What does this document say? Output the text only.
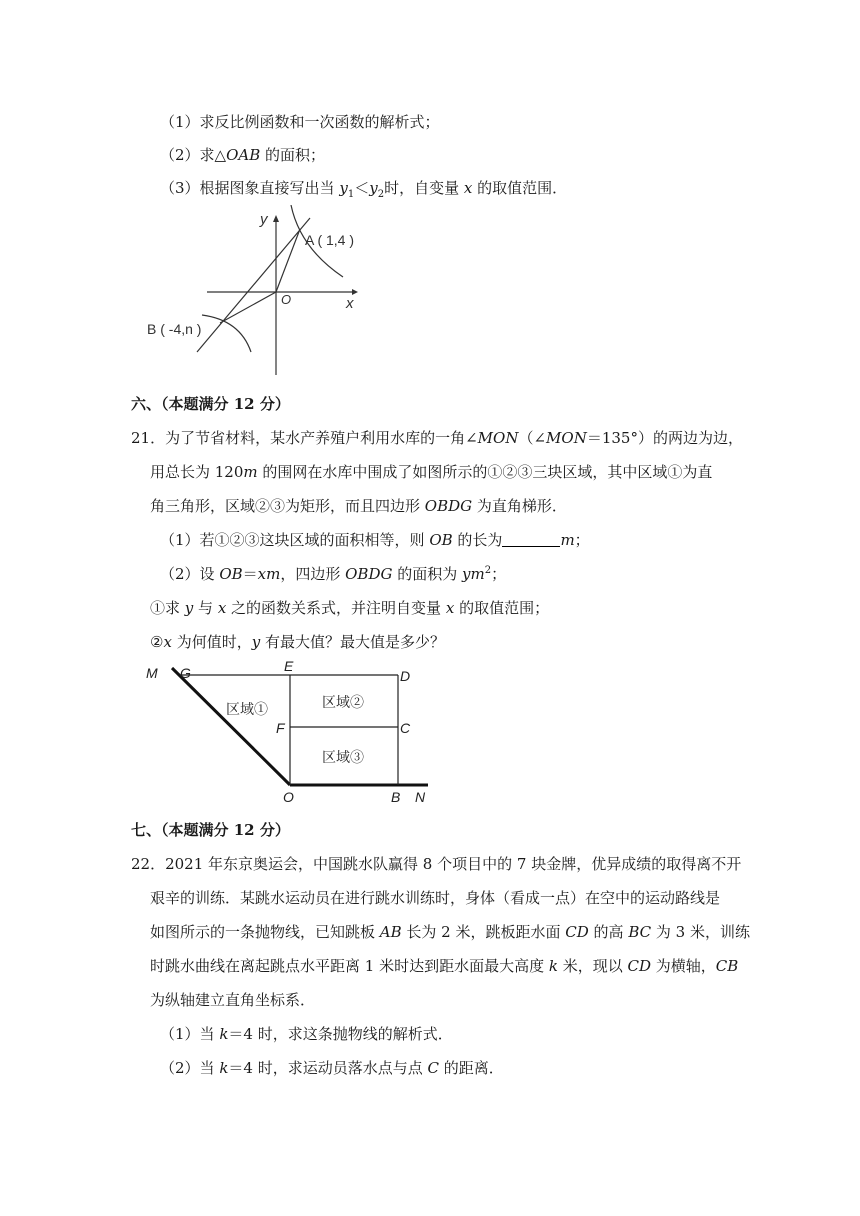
（1）求反比例函数和一次函数的解析式；
（2）求△OAB 的面积；
（3）根据图象直接写出当 $y_1<y_2$时，自变量 x 的取值范围．
y
x
O
A ( 1,4 )
B ( -4,n )
六、（本题满分 12 分）
21．为了节省材料，某水产养殖户利用水库的一角∠MON（∠MON＝135°）的两边为边，
用总长为 120m 的围网在水库中围成了如图所示的①②③三块区域，其中区域①为直
角三角形，区域②③为矩形，而且四边形 OBDG 为直角梯形．
（1）若①②③这块区域的面积相等，则 OB 的长为	m；
（2）设 OB＝xm，四边形 OBDG 的面积为 $ym^2$；
①求 y 与 x 之的函数关系式，并注明自变量 x 的取值范围；
②x 为何值时，y 有最大值？最大值是多少？
M G	E
D
F	C
O	B N
区域①	区域②
区域③
七、（本题满分 12 分）
22．2021 年东京奥运会，中国跳水队赢得 8 个项目中的 7 块金牌，优异成绩的取得离不开
艰辛的训练．某跳水运动员在进行跳水训练时，身体（看成一点）在空中的运动路线是
如图所示的一条抛物线，已知跳板 AB 长为 2 米，跳板距水面 CD 的高 BC 为 3 米，训练
时跳水曲线在离起跳点水平距离 1 米时达到距水面最大高度 k 米，现以 CD 为横轴，CB
为纵轴建立直角坐标系．
（1）当 k＝4 时，求这条抛物线的解析式．
（2）当 k＝4 时，求运动员落水点与点 C 的距离．
